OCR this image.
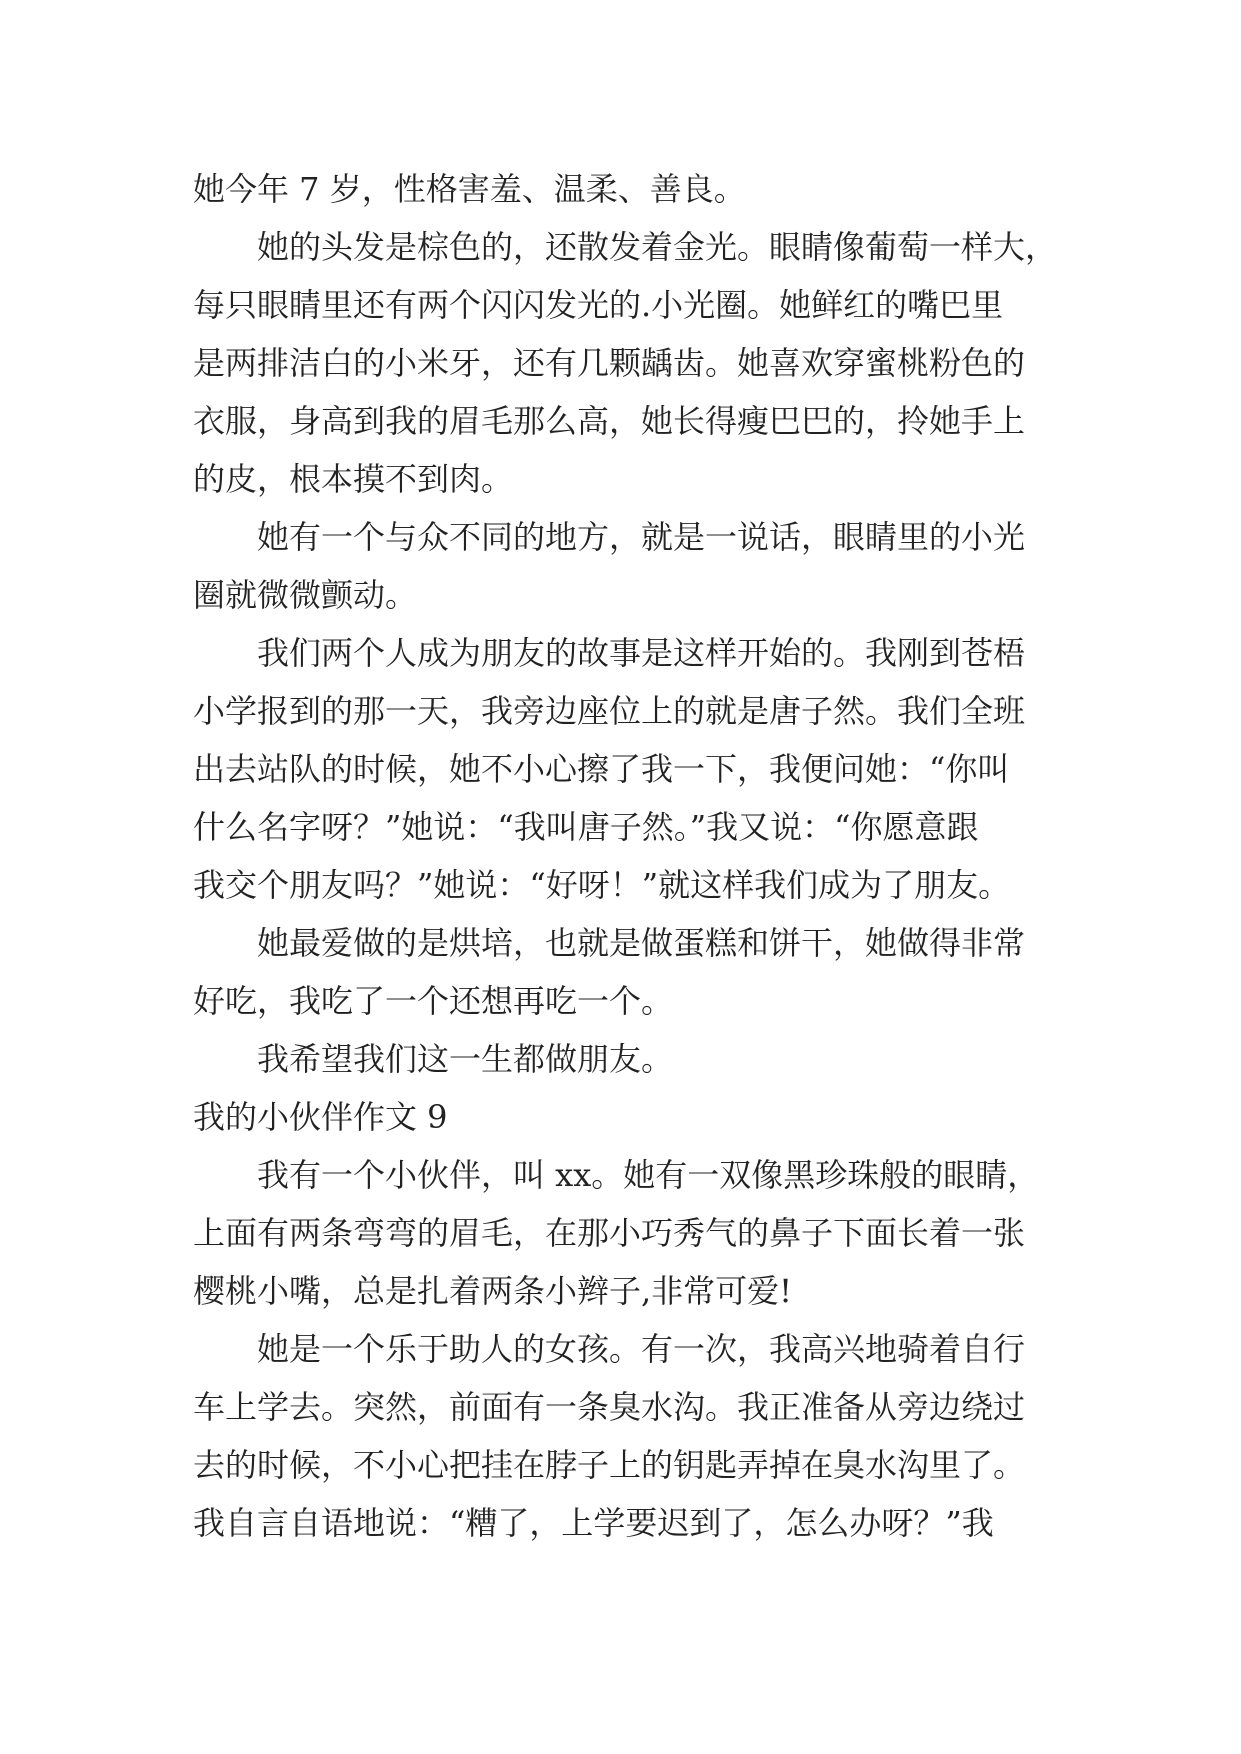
她今年 7 岁，性格害羞、温柔、善良。
她的头发是棕色的，还散发着金光。眼睛像葡萄一样大，
每只眼睛里还有两个闪闪发光的.小光圈。她鲜红的嘴巴里
是两排洁白的小米牙，还有几颗龋齿。她喜欢穿蜜桃粉色的
衣服，身高到我的眉毛那么高，她长得瘦巴巴的，拎她手上
的皮，根本摸不到肉。
她有一个与众不同的地方，就是一说话，眼睛里的小光
圈就微微颤动。
我们两个人成为朋友的故事是这样开始的。我刚到苍梧
小学报到的那一天，我旁边座位上的就是唐子然。我们全班
出去站队的时候，她不小心擦了我一下，我便问她：“你叫
什么名字呀？”她说：“我叫唐子然。”我又说：“你愿意跟
我交个朋友吗？”她说：“好呀！”就这样我们成为了朋友。
她最爱做的是烘培，也就是做蛋糕和饼干，她做得非常
好吃，我吃了一个还想再吃一个。
我希望我们这一生都做朋友。
我的小伙伴作文 9
我有一个小伙伴，叫 xx。她有一双像黑珍珠般的眼睛，
上面有两条弯弯的眉毛，在那小巧秀气的鼻子下面长着一张
樱桃小嘴，总是扎着两条小辫子,非常可爱!
她是一个乐于助人的女孩。有一次，我高兴地骑着自行
车上学去。突然，前面有一条臭水沟。我正准备从旁边绕过
去的时候，不小心把挂在脖子上的钥匙弄掉在臭水沟里了。
我自言自语地说：“糟了，上学要迟到了，怎么办呀？”我
